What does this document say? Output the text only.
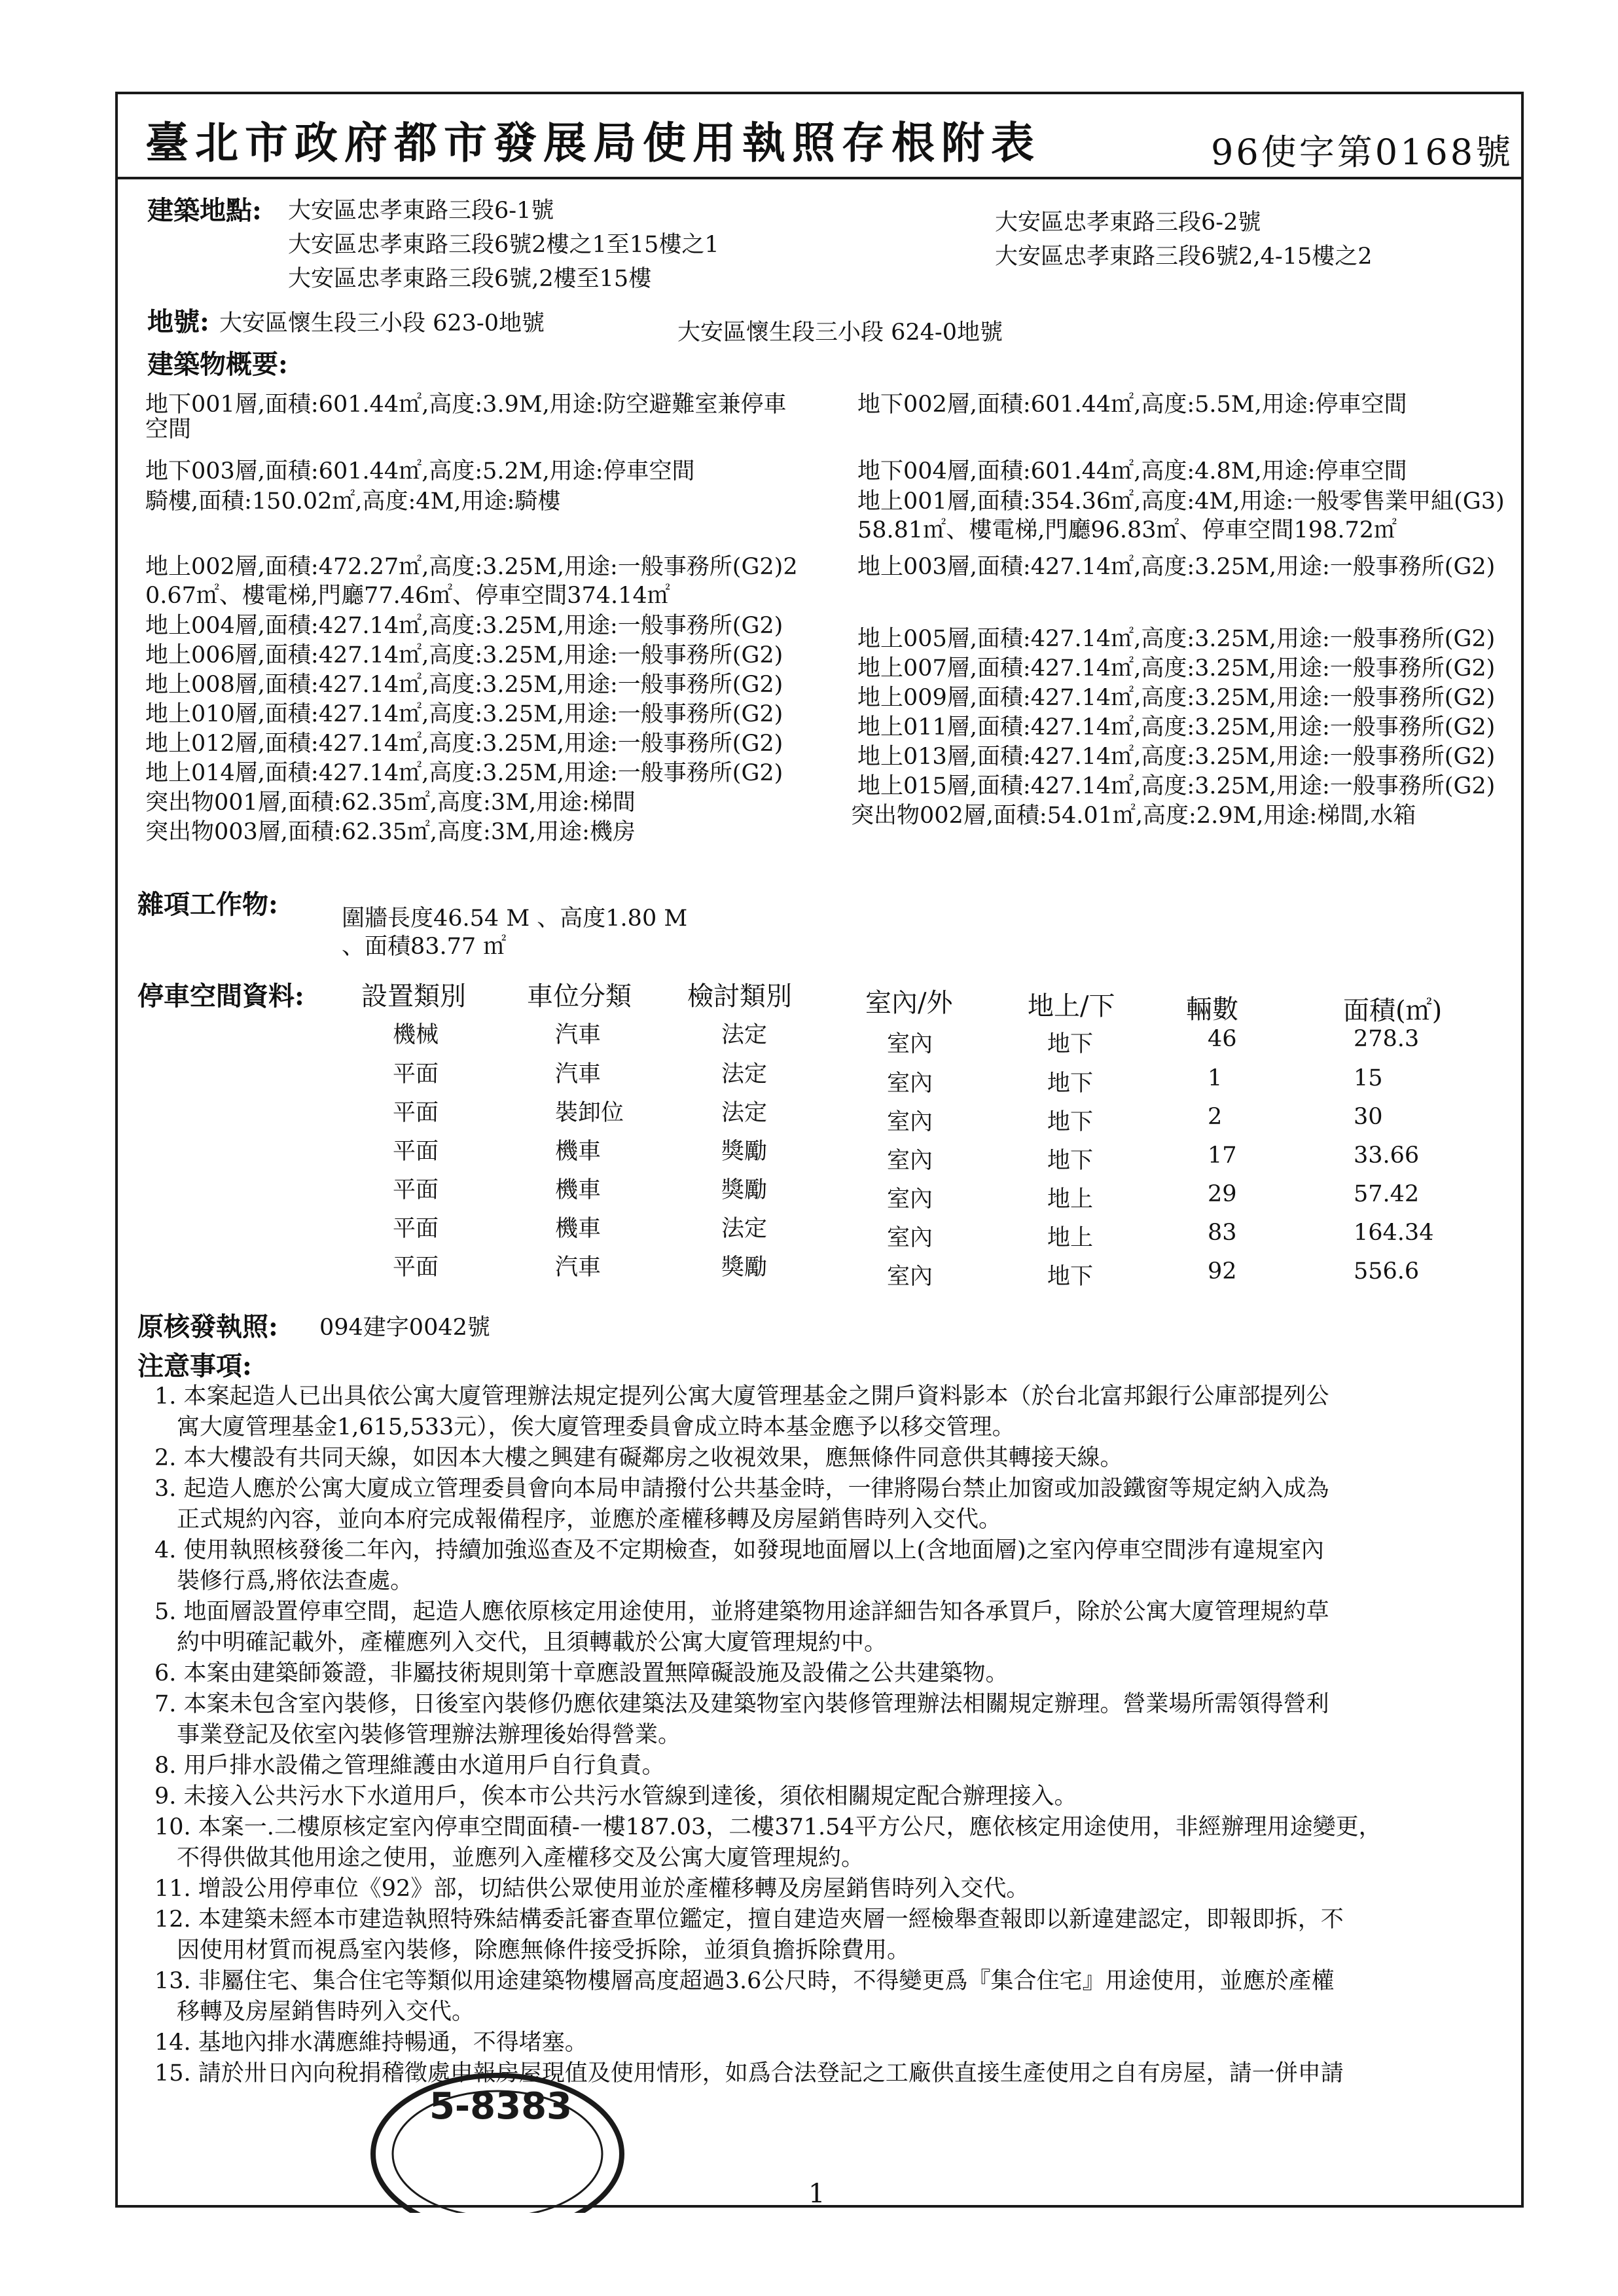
臺北市政府都市發展局使用執照存根附表	96使字第0168號
建築地點: 大安區忠孝東路三段6-1號
大安區忠孝東路三段6號2樓之1至15樓之1
大安區忠孝東路三段6號,2樓至15樓
大安區忠孝東路三段6-2號
大安區忠孝東路三段6號2,4-15樓之2
地號: 大安區懷生段三小段 623-0地號	大安區懷生段三小段 624-0地號
建築物概要:
地下001層,面積:601.44㎡,高度:3.9M,用途:防空避難室兼停車
空間
地下003層,面積:601.44㎡,高度:5.2M,用途:停車空間
騎樓,面積:150.02㎡,高度:4M,用途:騎樓
地上002層,面積:472.27㎡,高度:3.25M,用途:一般事務所(G2)2
0.67㎡、樓電梯,門廳77.46㎡、停車空間374.14㎡
地上004層,面積:427.14㎡,高度:3.25M,用途:一般事務所(G2)
地上006層,面積:427.14㎡,高度:3.25M,用途:一般事務所(G2)
地上008層,面積:427.14㎡,高度:3.25M,用途:一般事務所(G2)
地上010層,面積:427.14㎡,高度:3.25M,用途:一般事務所(G2)
地上012層,面積:427.14㎡,高度:3.25M,用途:一般事務所(G2)
地上014層,面積:427.14㎡,高度:3.25M,用途:一般事務所(G2)
突出物001層,面積:62.35㎡,高度:3M,用途:梯間
突出物003層,面積:62.35㎡,高度:3M,用途:機房
地下002層,面積:601.44㎡,高度:5.5M,用途:停車空間
地下004層,面積:601.44㎡,高度:4.8M,用途:停車空間
地上001層,面積:354.36㎡,高度:4M,用途:一般零售業甲組(G3)
58.81㎡、樓電梯,門廳96.83㎡、停車空間198.72㎡
地上003層,面積:427.14㎡,高度:3.25M,用途:一般事務所(G2)
地上005層,面積:427.14㎡,高度:3.25M,用途:一般事務所(G2)
地上007層,面積:427.14㎡,高度:3.25M,用途:一般事務所(G2)
地上009層,面積:427.14㎡,高度:3.25M,用途:一般事務所(G2)
地上011層,面積:427.14㎡,高度:3.25M,用途:一般事務所(G2)
地上013層,面積:427.14㎡,高度:3.25M,用途:一般事務所(G2)
地上015層,面積:427.14㎡,高度:3.25M,用途:一般事務所(G2)
突出物002層,面積:54.01㎡,高度:2.9M,用途:梯間,水箱
雜項工作物:	圍牆長度46.54 M 、高度1.80 M
、面積83.77 ㎡
停車空間資料: 設置類別 車位分類 檢討類別	室內/外	地上/下	輛數	面積(㎡)
機械	汽車	法定	室內	地下	46	278.3
平面	汽車	法定	室內	地下	1	15
平面	裝卸位	法定	室內	地下	2	30
平面	機車	獎勵	室內	地下	17	33.66
平面	機車	獎勵	室內	地上	29	57.42
平面	機車	法定	室內	地上	83	164.34
平面	汽車	獎勵	室內	地下	92	556.6
原核發執照: 094建字0042號
注意事項:
1. 本案起造人已出具依公寓大廈管理辦法規定提列公寓大廈管理基金之開戶資料影本（於台北富邦銀行公庫部提列公
寓大廈管理基金1,615,533元），俟大廈管理委員會成立時本基金應予以移交管理。
2. 本大樓設有共同天線，如因本大樓之興建有礙鄰房之收視效果，應無條件同意供其轉接天線。
3. 起造人應於公寓大廈成立管理委員會向本局申請撥付公共基金時，一律將陽台禁止加窗或加設鐵窗等規定納入成為
正式規約內容，並向本府完成報備程序，並應於產權移轉及房屋銷售時列入交代。
4. 使用執照核發後二年內，持續加強巡查及不定期檢查，如發現地面層以上(含地面層)之室內停車空間涉有違規室內
裝修行爲,將依法查處。
5. 地面層設置停車空間，起造人應依原核定用途使用，並將建築物用途詳細告知各承買戶，除於公寓大廈管理規約草
約中明確記載外，產權應列入交代，且須轉載於公寓大廈管理規約中。
6. 本案由建築師簽證，非屬技術規則第十章應設置無障礙設施及設備之公共建築物。
7. 本案未包含室內裝修，日後室內裝修仍應依建築法及建築物室內裝修管理辦法相關規定辦理。營業場所需領得營利
事業登記及依室內裝修管理辦法辦理後始得營業。
8. 用戶排水設備之管理維護由水道用戶自行負責。
9. 未接入公共污水下水道用戶，俟本市公共污水管線到達後，須依相關規定配合辦理接入。
10. 本案一.二樓原核定室內停車空間面積-一樓187.03，二樓371.54平方公尺，應依核定用途使用，非經辦理用途變更，
不得供做其他用途之使用，並應列入產權移交及公寓大廈管理規約。
11. 增設公用停車位《92》部，切結供公眾使用並於產權移轉及房屋銷售時列入交代。
12. 本建築未經本市建造執照特殊結構委託審查單位鑑定，擅自建造夾層一經檢舉查報即以新違建認定，即報即拆，不
因使用材質而視爲室內裝修，除應無條件接受拆除，並須負擔拆除費用。
13. 非屬住宅、集合住宅等類似用途建築物樓層高度超過3.6公尺時，不得變更爲『集合住宅』用途使用，並應於產權
移轉及房屋銷售時列入交代。
14. 基地內排水溝應維持暢通，不得堵塞。
15. 請於卅日內向稅捐稽徵處申報房屋現值及使用情形，如爲合法登記之工廠供直接生產使用之自有房屋，請一併申請
5-8383
1
